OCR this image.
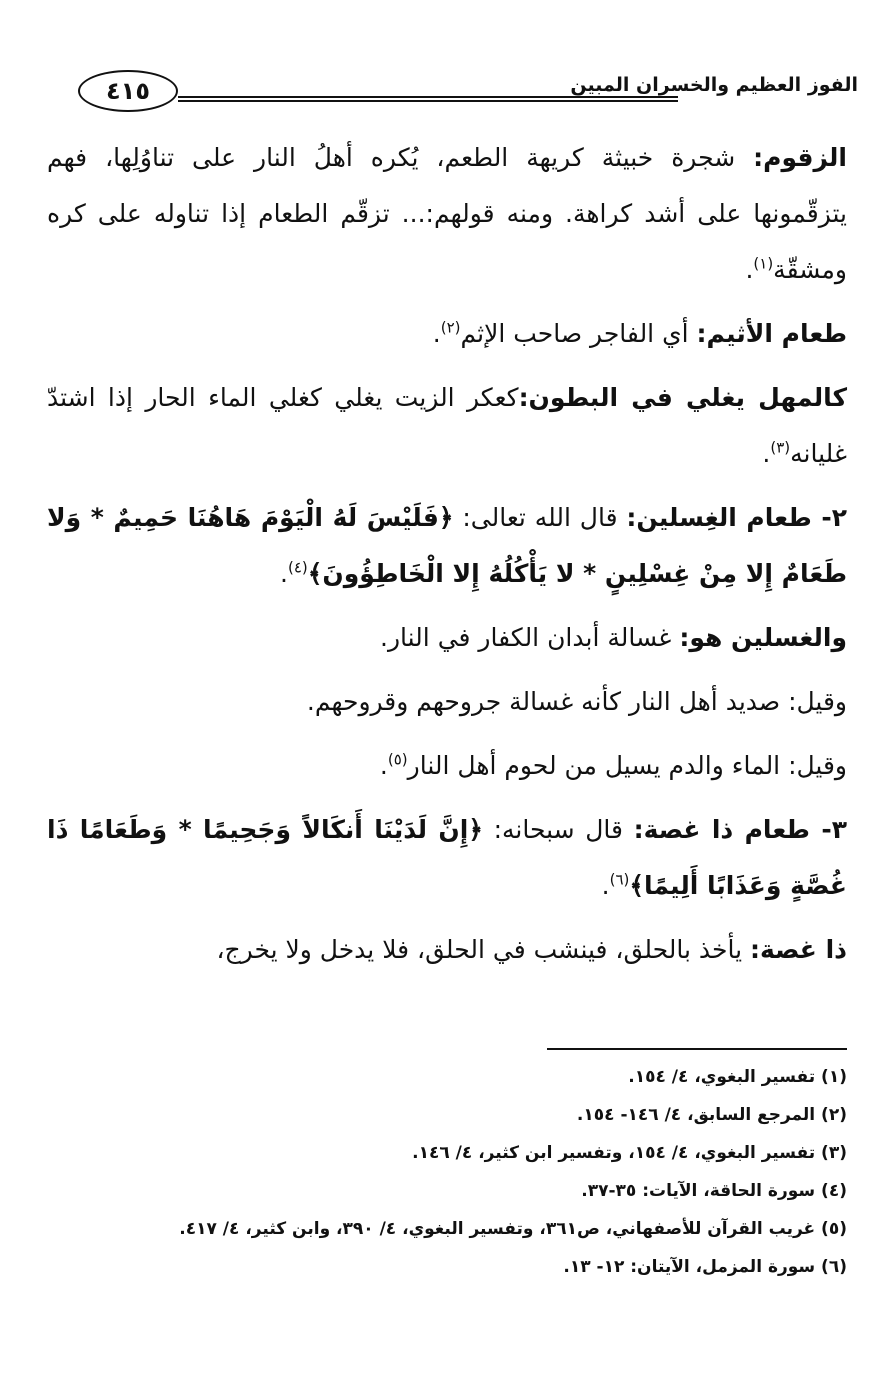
الفوز العظيم والخسران المبين
٤١٥

الزقوم: شجرة خبيثة كريهة الطعم، يُكره أهلُ النار على تناوُلِها، فهم يتزقّمونها على أشد كراهة. ومنه قولهم:... تزقّم الطعام إذا تناوله على كره ومشقّة$^{(١)}$.

طعام الأثيم: أي الفاجر صاحب الإثم$^{(٢)}$.

كالمهل يغلي في البطون:كعكر الزيت يغلي كغلي الماء الحار إذا اشتدّ غليانه$^{(٣)}$.

٢- طعام الغِسلين: قال الله تعالى: ﴿فَلَيْسَ لَهُ الْيَوْمَ هَاهُنَا حَمِيمٌ * وَلا طَعَامٌ إِلا مِنْ غِسْلِينٍ * لا يَأْكُلُهُ إِلا الْخَاطِؤُونَ﴾$^{(٤)}$.

والغسلين هو: غسالة أبدان الكفار في النار.

وقيل: صديد أهل النار كأنه غسالة جروحهم وقروحهم.

وقيل: الماء والدم يسيل من لحوم أهل النار$^{(٥)}$.

٣- طعام ذا غصة: قال سبحانه: ﴿إِنَّ لَدَيْنَا أَنكَالاً وَجَحِيمًا * وَطَعَامًا ذَا غُصَّةٍ وَعَذَابًا أَلِيمًا﴾$^{(٦)}$.

ذا غصة: يأخذ بالحلق، فينشب في الحلق، فلا يدخل ولا يخرج،

(١) تفسير البغوي، ٤/ ١٥٤.

(٢) المرجع السابق، ٤/ ١٤٦- ١٥٤.

(٣) تفسير البغوي، ٤/ ١٥٤، وتفسير ابن كثير، ٤/ ١٤٦.

(٤) سورة الحاقة، الآيات: ٣٥-٣٧.

(٥) غريب القرآن للأصفهاني، ص٣٦١، وتفسير البغوي، ٤/ ٣٩٠، وابن كثير، ٤/ ٤١٧.

(٦) سورة المزمل، الآيتان: ١٢- ١٣.
